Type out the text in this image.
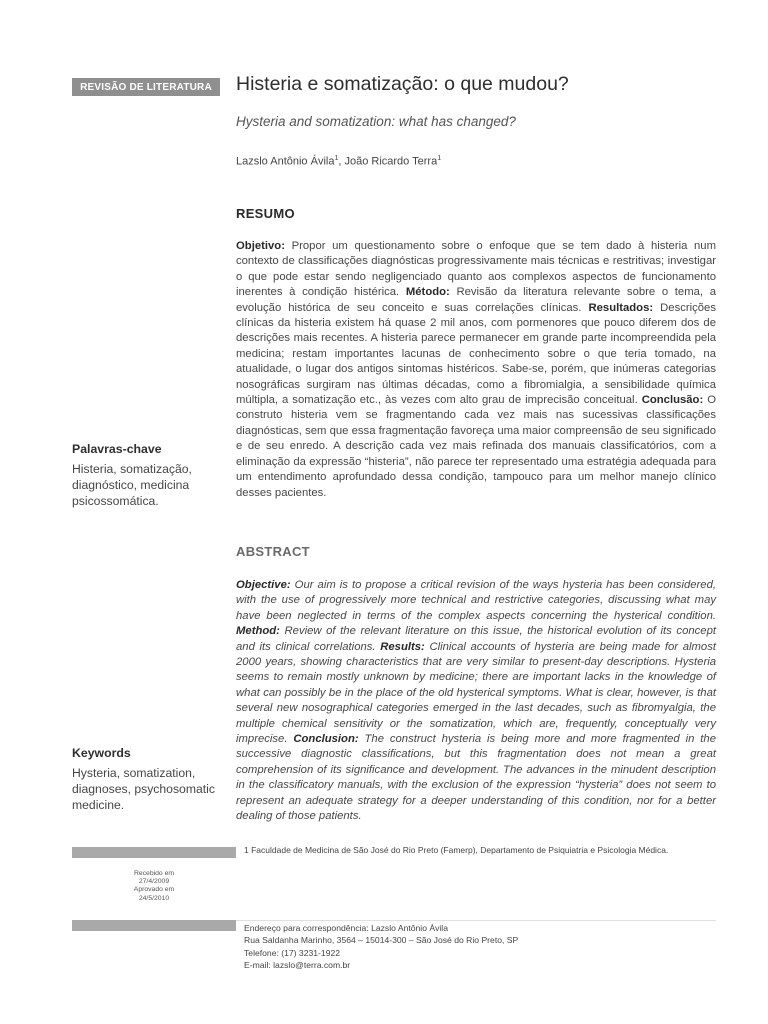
REVISÃO DE LITERATURA	Histeria e somatização: o que mudou?
Hysteria and somatization: what has changed?
Lazslo Antônio Ávila$^1$, João Ricardo Terra$^1$
RESUMO

Objetivo: Propor um questionamento sobre o enfoque que se tem dado à histeria num contexto de classificações diagnósticas progressivamente mais técnicas e restritivas; investigar o que pode estar sendo negligenciado quanto aos complexos aspectos de funcionamento inerentes à condição histérica. Método: Revisão da literatura relevante sobre o tema, a evolução histórica de seu conceito e suas correlações clínicas. Resultados: Descrições clínicas da histeria existem há quase 2 mil anos, com pormenores que pouco diferem dos de descrições mais recentes. A histeria parece permanecer em grande parte incompreendida pela medicina; restam importantes lacunas de conhecimento sobre o que teria tomado, na atualidade, o lugar dos antigos sintomas histéricos. Sabe-se, porém, que inúmeras categorias nosográficas surgiram nas últimas décadas, como a fibromialgia, a sensibilidade química múltipla, a somatização etc., às vezes com alto grau de imprecisão conceitual. Conclusão: O construto histeria vem se fragmentando cada vez mais nas sucessivas classificações diagnósticas, sem que essa fragmentação favoreça uma maior compreensão de seu significado e de seu enredo. A descrição cada vez mais refinada dos manuais classificatórios, com a eliminação da expressão “histeria”, não parece ter representado uma estratégia adequada para um entendimento aprofundado dessa condição, tampouco para um melhor manejo clínico desses pacientes.

ABSTRACT

Objective: Our aim is to propose a critical revision of the ways hysteria has been considered, with the use of progressively more technical and restrictive categories, discussing what may have been neglected in terms of the complex aspects concerning the hysterical condition. Method: Review of the relevant literature on this issue, the historical evolution of its concept and its clinical correlations. Results: Clinical accounts of hysteria are being made for almost 2000 years, showing characteristics that are very similar to present-day descriptions. Hysteria seems to remain mostly unknown by medicine; there are important lacks in the knowledge of what can possibly be in the place of the old hysterical symptoms. What is clear, however, is that several new nosographical categories emerged in the last decades, such as fibromyalgia, the multiple chemical sensitivity or the somatization, which are, frequently, conceptually very imprecise. Conclusion: The construct hysteria is being more and more fragmented in the successive diagnostic classifications, but this fragmentation does not mean a great comprehension of its significance and development. The advances in the minudent description in the classificatory manuals, with the exclusion of the expression “hysteria” does not seem to represent an adequate strategy for a deeper understanding of this condition, nor for a better dealing of those patients.

Palavras-chave
Histeria, somatização, diagnóstico, medicina psicossomática.
Keywords
Hysteria, somatization, diagnoses, psychosomatic medicine.
Recebido em
27/4/2009
Aprovado em
24/5/2010
1 Faculdade de Medicina de São José do Rio Preto (Famerp), Departamento de Psiquiatria e Psicologia Médica.
Endereço para correspondência: Lazslo Antônio Ávila
Rua Saldanha Marinho, 3564 – 15014-300 – São José do Rio Preto, SP
Telefone: (17) 3231-1922
E-mail: lazslo@terra.com.br
